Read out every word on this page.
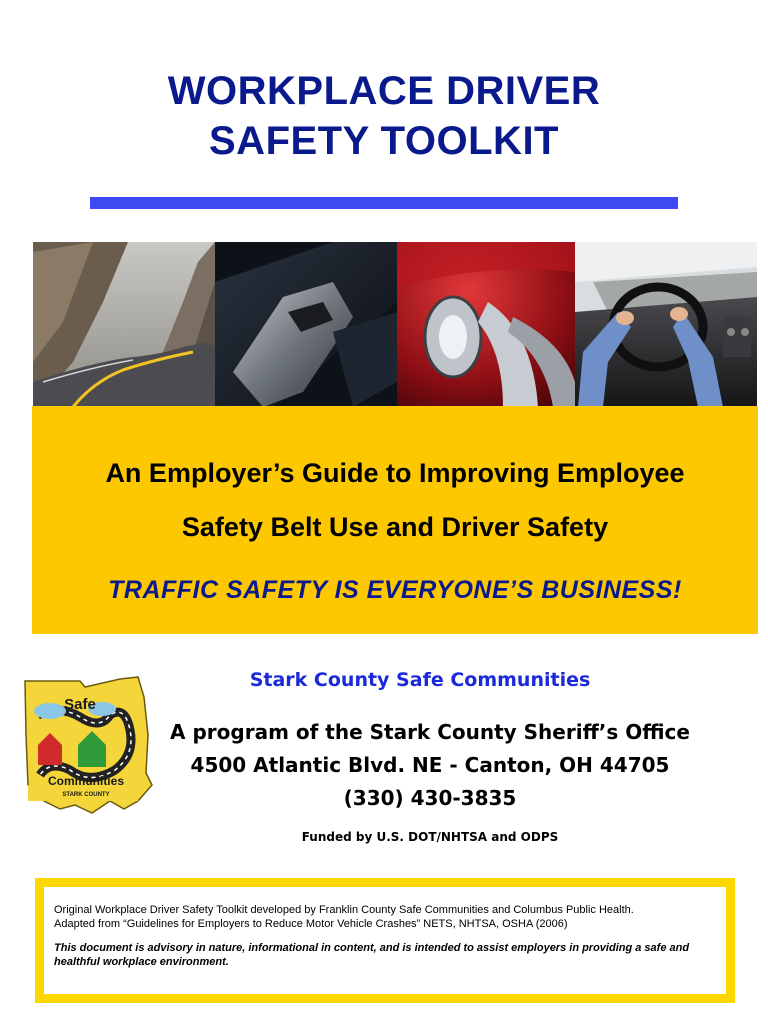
WORKPLACE DRIVER
SAFETY TOOLKIT
An Employer’s Guide to Improving Employee
Safety Belt Use and Driver Safety
TRAFFIC SAFETY IS EVERYONE’S BUSINESS!
Safe
Communities
STARK COUNTY
Stark County Safe Communities
A program of the Stark County Sheriff’s Office
4500 Atlantic Blvd. NE - Canton, OH 44705
(330) 430-3835
Funded by U.S. DOT/NHTSA and ODPS

Original Workplace Driver Safety Toolkit developed by Franklin County Safe Communities and Columbus Public Health.

Adapted from “Guidelines for Employers to Reduce Motor Vehicle Crashes” NETS, NHTSA, OSHA (2006)

This document is advisory in nature, informational in content, and is intended to assist employers in providing a safe and healthful workplace environment.
